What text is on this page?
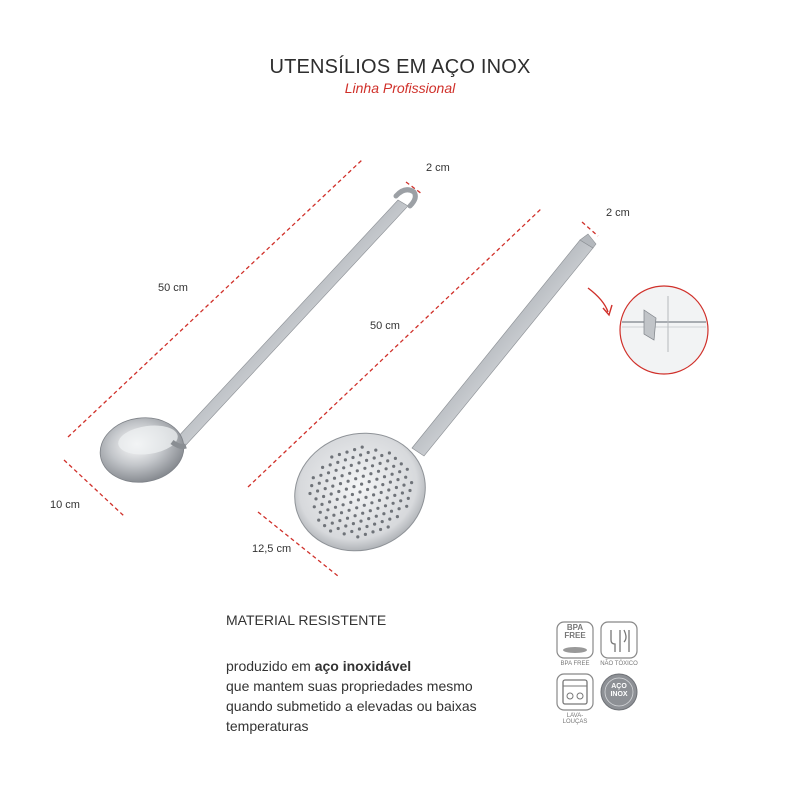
UTENSÍLIOS EM AÇO INOX
Linha Profissional
50 cm
2 cm
10 cm
50 cm
2 cm
12,5 cm
MATERIAL RESISTENTE
produzido em aço inoxidável
que mantem suas propriedades mesmo
quando submetido a elevadas ou baixas
temperaturas
BPA
FREE
BPA FREE	NÃO TÓXICO
LAVA-LOUÇAS
AÇO
INOX
